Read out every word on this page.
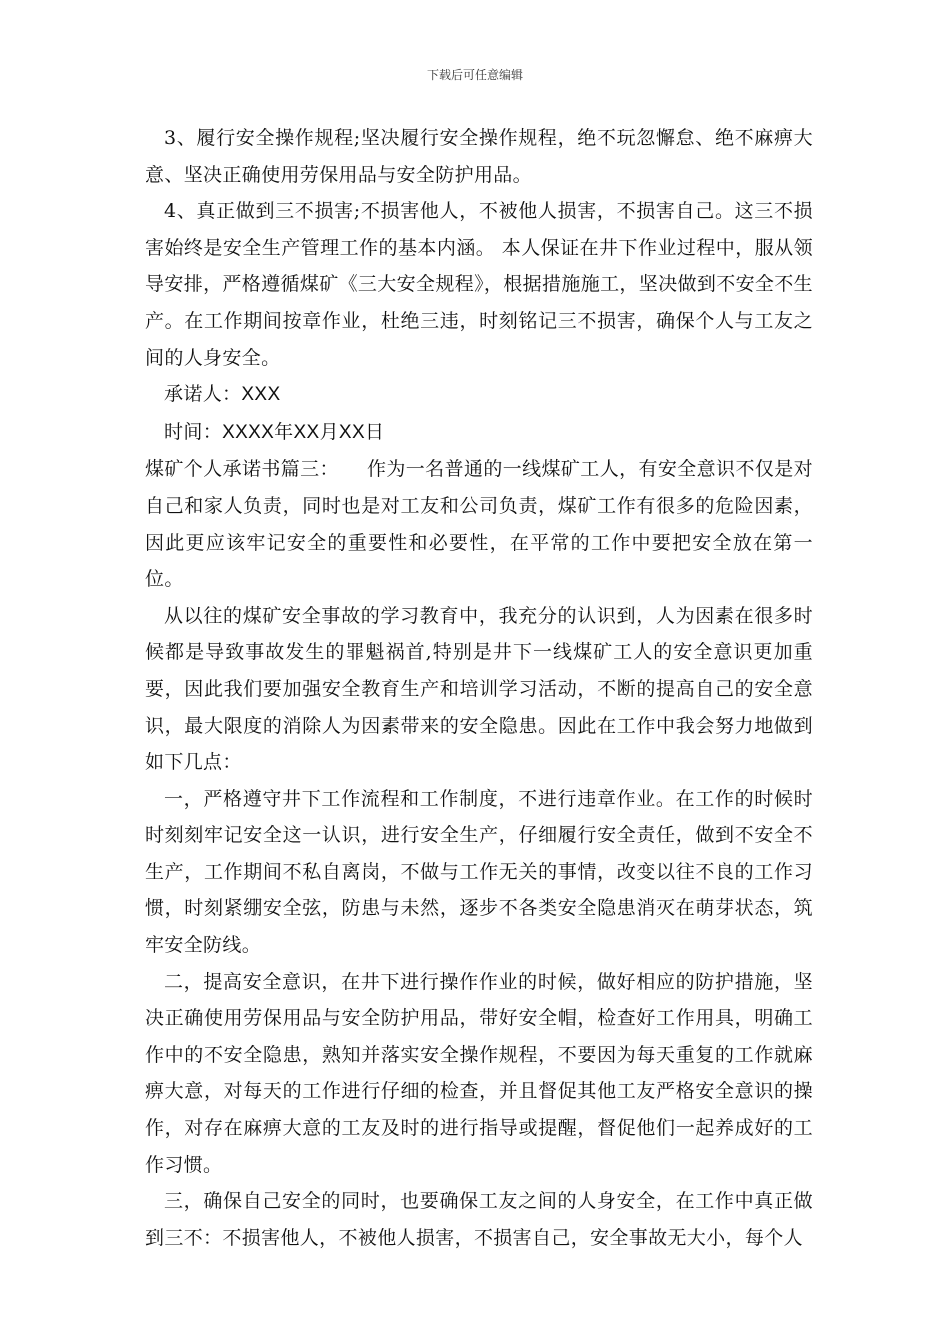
下载后可任意编辑

3、履行安全操作规程;坚决履行安全操作规程，绝不玩忽懈怠、绝不麻痹大意、坚决正确使用劳保用品与安全防护用品。

4、真正做到三不损害;不损害他人，不被他人损害，不损害自己。这三不损害始终是安全生产管理工作的基本内涵。 本人保证在井下作业过程中，服从领导安排，严格遵循煤矿《三大安全规程》，根据措施施工，坚决做到不安全不生产。在工作期间按章作业，杜绝三违，时刻铭记三不损害，确保个人与工友之间的人身安全。

承诺人：XXX

时间：XXXX年XX月XX日

煤矿个人承诺书篇三： 作为一名普通的一线煤矿工人，有安全意识不仅是对自己和家人负责，同时也是对工友和公司负责，煤矿工作有很多的危险因素，因此更应该牢记安全的重要性和必要性，在平常的工作中要把安全放在第一位。

从以往的煤矿安全事故的学习教育中，我充分的认识到，人为因素在很多时候都是导致事故发生的罪魁祸首,特别是井下一线煤矿工人的安全意识更加重要，因此我们要加强安全教育生产和培训学习活动，不断的提高自己的安全意识，最大限度的消除人为因素带来的安全隐患。因此在工作中我会努力地做到如下几点：

一，严格遵守井下工作流程和工作制度，不进行违章作业。在工作的时候时时刻刻牢记安全这一认识，进行安全生产，仔细履行安全责任，做到不安全不生产，工作期间不私自离岗，不做与工作无关的事情，改变以往不良的工作习惯，时刻紧绷安全弦，防患与未然，逐步不各类安全隐患消灭在萌芽状态，筑牢安全防线。

二，提高安全意识，在井下进行操作作业的时候，做好相应的防护措施，坚决正确使用劳保用品与安全防护用品，带好安全帽，检查好工作用具，明确工作中的不安全隐患，熟知并落实安全操作规程，不要因为每天重复的工作就麻痹大意，对每天的工作进行仔细的检查，并且督促其他工友严格安全意识的操作，对存在麻痹大意的工友及时的进行指导或提醒，督促他们一起养成好的工作习惯。

三，确保自己安全的同时，也要确保工友之间的人身安全，在工作中真正做到三不：不损害他人，不被他人损害，不损害自己，安全事故无大小，每个人
